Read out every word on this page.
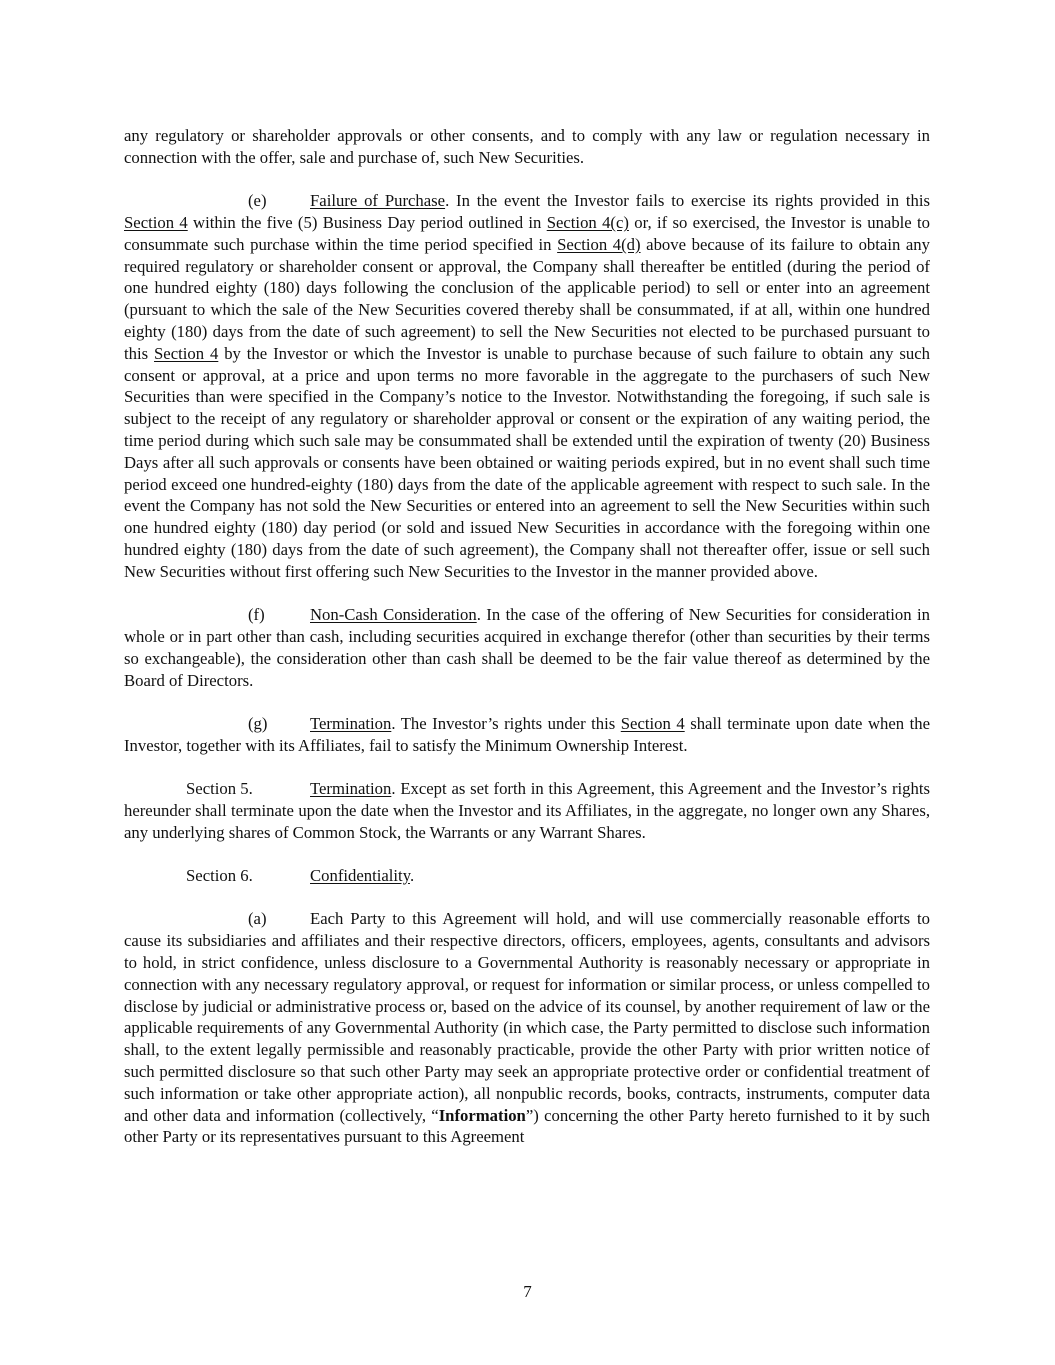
any regulatory or shareholder approvals or other consents, and to comply with any law or regulation necessary in connection with the offer, sale and purchase of, such New Securities.

(e)	Failure of Purchase. In the event the Investor fails to exercise its rights provided in this Section 4 within the five (5) Business Day period outlined in Section 4(c) or, if so exercised, the Investor is unable to consummate such purchase within the time period specified in Section 4(d) above because of its failure to obtain any required regulatory or shareholder consent or approval, the Company shall thereafter be entitled (during the period of one hundred eighty (180) days following the conclusion of the applicable period) to sell or enter into an agreement (pursuant to which the sale of the New Securities covered thereby shall be consummated, if at all, within one hundred eighty (180) days from the date of such agreement) to sell the New Securities not elected to be purchased pursuant to this Section 4 by the Investor or which the Investor is unable to purchase because of such failure to obtain any such consent or approval, at a price and upon terms no more favorable in the aggregate to the purchasers of such New Securities than were specified in the Company’s notice to the Investor. Notwithstanding the foregoing, if such sale is subject to the receipt of any regulatory or shareholder approval or consent or the expiration of any waiting period, the time period during which such sale may be consummated shall be extended until the expiration of twenty (20) Business Days after all such approvals or consents have been obtained or waiting periods expired, but in no event shall such time period exceed one hundred-eighty (180) days from the date of the applicable agreement with respect to such sale. In the event the Company has not sold the New Securities or entered into an agreement to sell the New Securities within such one hundred eighty (180) day period (or sold and issued New Securities in accordance with the foregoing within one hundred eighty (180) days from the date of such agreement), the Company shall not thereafter offer, issue or sell such New Securities without first offering such New Securities to the Investor in the manner provided above.

(f)	Non-Cash Consideration. In the case of the offering of New Securities for consideration in whole or in part other than cash, including securities acquired in exchange therefor (other than securities by their terms so exchangeable), the consideration other than cash shall be deemed to be the fair value thereof as determined by the Board of Directors.

(g)	Termination. The Investor’s rights under this Section 4 shall terminate upon date when the Investor, together with its Affiliates, fail to satisfy the Minimum Ownership Interest.

Section 5.	Termination. Except as set forth in this Agreement, this Agreement and the Investor’s rights hereunder shall terminate upon the date when the Investor and its Affiliates, in the aggregate, no longer own any Shares, any underlying shares of Common Stock, the Warrants or any Warrant Shares.

Section 6.	Confidentiality.

(a)	Each Party to this Agreement will hold, and will use commercially reasonable efforts to cause its subsidiaries and affiliates and their respective directors, officers, employees, agents, consultants and advisors to hold, in strict confidence, unless disclosure to a Governmental Authority is reasonably necessary or appropriate in connection with any necessary regulatory approval, or request for information or similar process, or unless compelled to disclose by judicial or administrative process or, based on the advice of its counsel, by another requirement of law or the applicable requirements of any Governmental Authority (in which case, the Party permitted to disclose such information shall, to the extent legally permissible and reasonably practicable, provide the other Party with prior written notice of such permitted disclosure so that such other Party may seek an appropriate protective order or confidential treatment of such information or take other appropriate action), all nonpublic records, books, contracts, instruments, computer data and other data and information (collectively, “Information”) concerning the other Party hereto furnished to it by such other Party or its representatives pursuant to this Agreement

7
